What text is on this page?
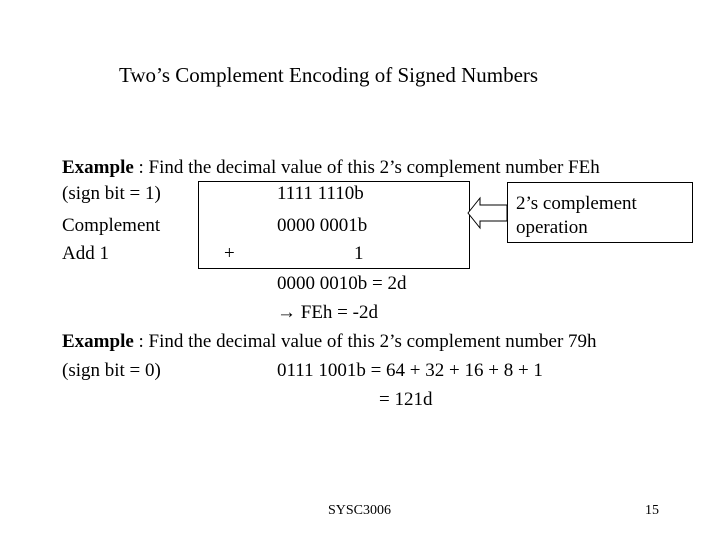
Two’s Complement Encoding of Signed Numbers
Example : Find the decimal value of this 2’s complement number FEh
(sign bit = 1)	1111 1110b
Complement	0000 0001b
Add 1	+	1
0000 0010b = 2d
→ FEh = -2d
2’s complement
operation
Example : Find the decimal value of this 2’s complement number 79h
(sign bit = 0)	0111 1001b = 64 + 32 + 16 + 8 + 1
= 121d
SYSC3006	15
